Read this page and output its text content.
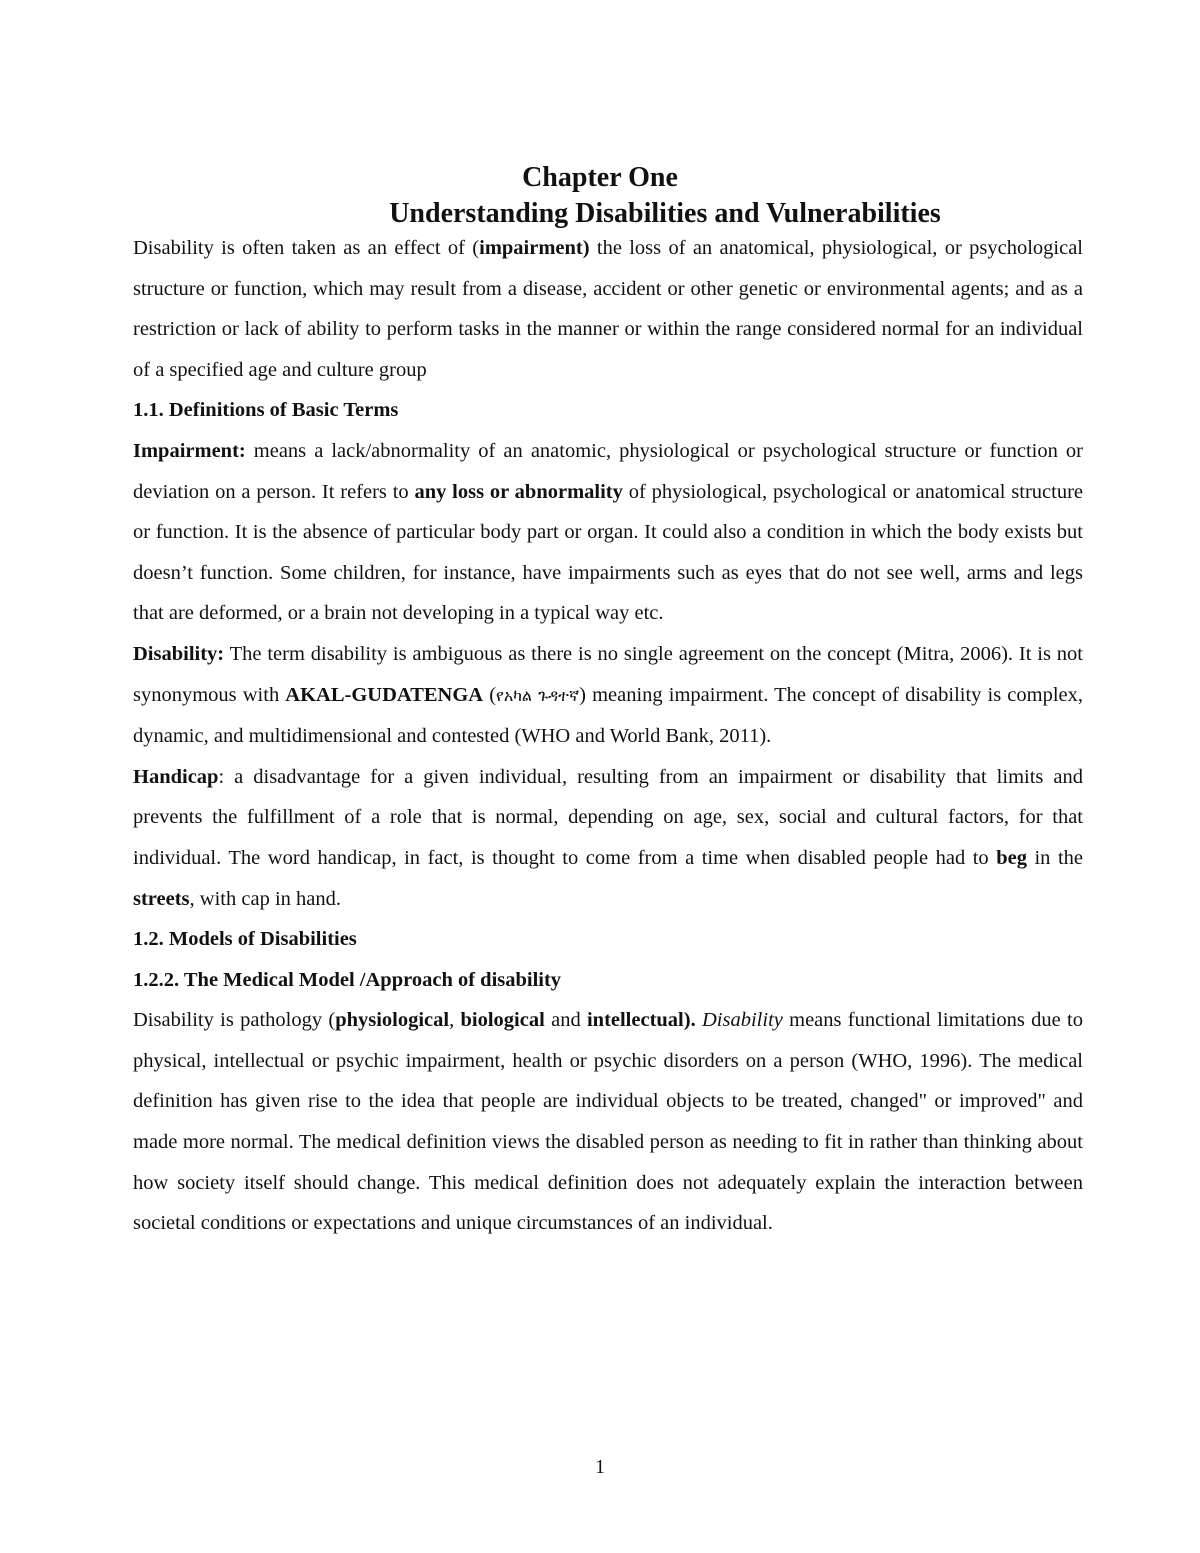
Chapter One
Understanding Disabilities and Vulnerabilities

Disability is often taken as an effect of (impairment) the loss of an anatomical, physiological, or psychological structure or function, which may result from a disease, accident or other genetic or environmental agents; and as a restriction or lack of ability to perform tasks in the manner or within the range considered normal for an individual of a specified age and culture group

1.1. Definitions of Basic Terms

Impairment: means a lack/abnormality of an anatomic, physiological or psychological structure or function or deviation on a person. It refers to any loss or abnormality of physiological, psychological or anatomical structure or function. It is the absence of particular body part or organ. It could also a condition in which the body exists but doesn’t function. Some children, for instance, have impairments such as eyes that do not see well, arms and legs that are deformed, or a brain not developing in a typical way etc.

Disability: The term disability is ambiguous as there is no single agreement on the concept (Mitra, 2006). It is not synonymous with AKAL-GUDATENGA (የአካል ጉዳተኛ) meaning impairment. The concept of disability is complex, dynamic, and multidimensional and contested (WHO and World Bank, 2011).

Handicap: a disadvantage for a given individual, resulting from an impairment or disability that limits and prevents the fulfillment of a role that is normal, depending on age, sex, social and cultural factors, for that individual. The word handicap, in fact, is thought to come from a time when disabled people had to beg in the streets, with cap in hand.

1.2. Models of Disabilities

1.2.2. The Medical Model /Approach of disability

Disability is pathology (physiological, biological and intellectual). Disability means functional limitations due to physical, intellectual or psychic impairment, health or psychic disorders on a person (WHO, 1996). The medical definition has given rise to the idea that people are individual objects to be treated, changed" or improved" and made more normal. The medical definition views the disabled person as needing to fit in rather than thinking about how society itself should change. This medical definition does not adequately explain the interaction between societal conditions or expectations and unique circumstances of an individual.

1
